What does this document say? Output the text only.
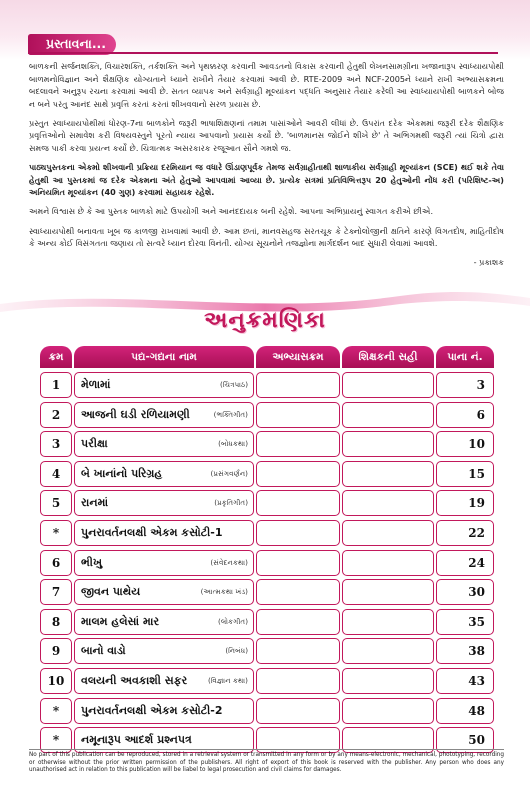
પ્રસ્તાવના...

બાળકની સર્જનશક્તિ, વિચારશક્તિ, તર્કશક્તિ અને પૃથક્કરણ કરવાની આવડતનો વિકાસ કરવાની હેતુથી લેખનસામગ્રીના ખજાનારૂપ સ્વાધ્યાયપોથી બાળમનોવિજ્ઞાન અને શૈક્ષણિક યોગ્યતાને ધ્યાને રાખીને તૈયાર કરવામાં આવી છે. RTE-2009 અને NCF-2005ને ધ્યાને રાખી અભ્યાસક્રમના બદલાવને અનુરૂપ રચના કરવામાં આવી છે. સતત વ્યાપક અને સર્વગ્રાહી મૂલ્યાંકન પદ્ધતિ અનુસાર તૈયાર કરેલી આ સ્વાધ્યાયપોથી બાળકને બોજ ન બને પરંતુ આનંદ સાથે પ્રવૃત્તિ કરતાં કરતાં શીખવવાનો સરળ પ્રયાસ છે.

પ્રસ્તુત સ્વાધ્યાયપોથીમાં ધોરણ-7ના બાળકોને જરૂરી ભાષાશિક્ષણનાં તમામ પાસાંઓને આવરી લીધાં છે. ઉપરાંત દરેક એકમમાં જરૂરી દરેક શૈક્ષણિક પ્રવૃત્તિઓનો સમાવેશ કરી વિષયવસ્તુને પૂરતો ન્યાય આપવાનો પ્રયાસ કર્યો છે. 'બાળમાનસ જોઈને શીખે છે' તે અભિગમથી જરૂરી ત્યાં ચિત્રો દ્વારા સમજ પાકી કરવા પ્રયત્ન કર્યો છે. ચિત્રાત્મક અસરકારક રજૂઆત સૌને ગમશે જ.

પાઠ્યપુસ્તકના એકમો શીખવાની પ્રક્રિયા દરમિયાન જ વધારે ઊંડાણપૂર્વક તેમજ સર્વગ્રાહીતાથી શાળાકીય સર્વગ્રાહી મૂલ્યાંકન (SCE) થઈ શકે તેવા હેતુથી આ પુસ્તકમાં જ દરેક એકમના અંતે હેતુઓ આપવામાં આવ્યા છે. પ્રત્યેક સત્રમાં પ્રતિવિભિત્તરૂપ 20 હેતુઓની નોંધ કરી (પરિશિષ્ટ-અ) અનિયમિત મૂલ્યાંકન (40 ગુણ) કરવામાં સહાયક રહેશે.

અમને વિશ્વાસ છે કે આ પુસ્તક બાળકો માટે ઉપયોગી અને આનંદદાયક બની રહેશે. આપના અભિપ્રાયનું સ્વાગત કરીએ છીએ.

સ્વાધ્યાયપોથી બનાવતા ખૂબ જ કાળજી રાખવામાં આવી છે. આમ છતાં, માનવસહજ સરતચૂક કે ટેક્નોલોજીની ક્ષતિને કારણે વિગતદોષ, માહિતીદોષ કે અન્ય કોઈ વિસંગતતા જણાય તો સત્વરે ધ્યાન દોરવા વિનંતી. યોગ્ય સૂચનોને તજજ્ઞોના માર્ગદર્શન બાદ સુધારી લેવામાં આવશે.

- પ્રકાશક

અનુક્રમણિકા
ક્રમ	પદ્ય-ગદ્યના નામ	અભ્યાસક્રમ	શિક્ષકની સહી	પાના નં.
1	મેળામાં	(ચિત્રપાઠ)	3
2	આજની ઘડી રળિયામણી	(ભક્તિગીત)	6
3	પરીક્ષા	(બોધકથા)	10
4	બે ખાનાંનો પરિગ્રહ	(પ્રસંગવર્ણન)	15
5	રાનમાં	(પ્રકૃતિગીત)	19
*	પુનરાવર્તનલક્ષી એકમ કસોટી-1	22
6	ભીખુ	(સંવેદનકથા)	24
7	જીવન પાથેય	(આત્મકથા ખંડ)	30
8	માલમ હલેસાં માર	(લોકગીત)	35
9	બાનો વાડો	(નિબંધ)	38
10	વલયની અવકાશી સફર	(વિજ્ઞાન કથા)	43
*	પુનરાવર્તનલક્ષી એકમ કસોટી-2	48
*	નમૂનારૂપ આદર્શ પ્રશ્નપત્ર	50
No part of this publication can be reproduced, stored in a retrieval system or transmitted in any form or by any means-electronic, mechanical, phototyping, recording or otherwise without the prior written permission of the publishers. All right of export of this book is reserved with the publisher. Any person who does any unauthorised act in relation to this publication will be liabel to legal prosecution and civil claims for damages.
